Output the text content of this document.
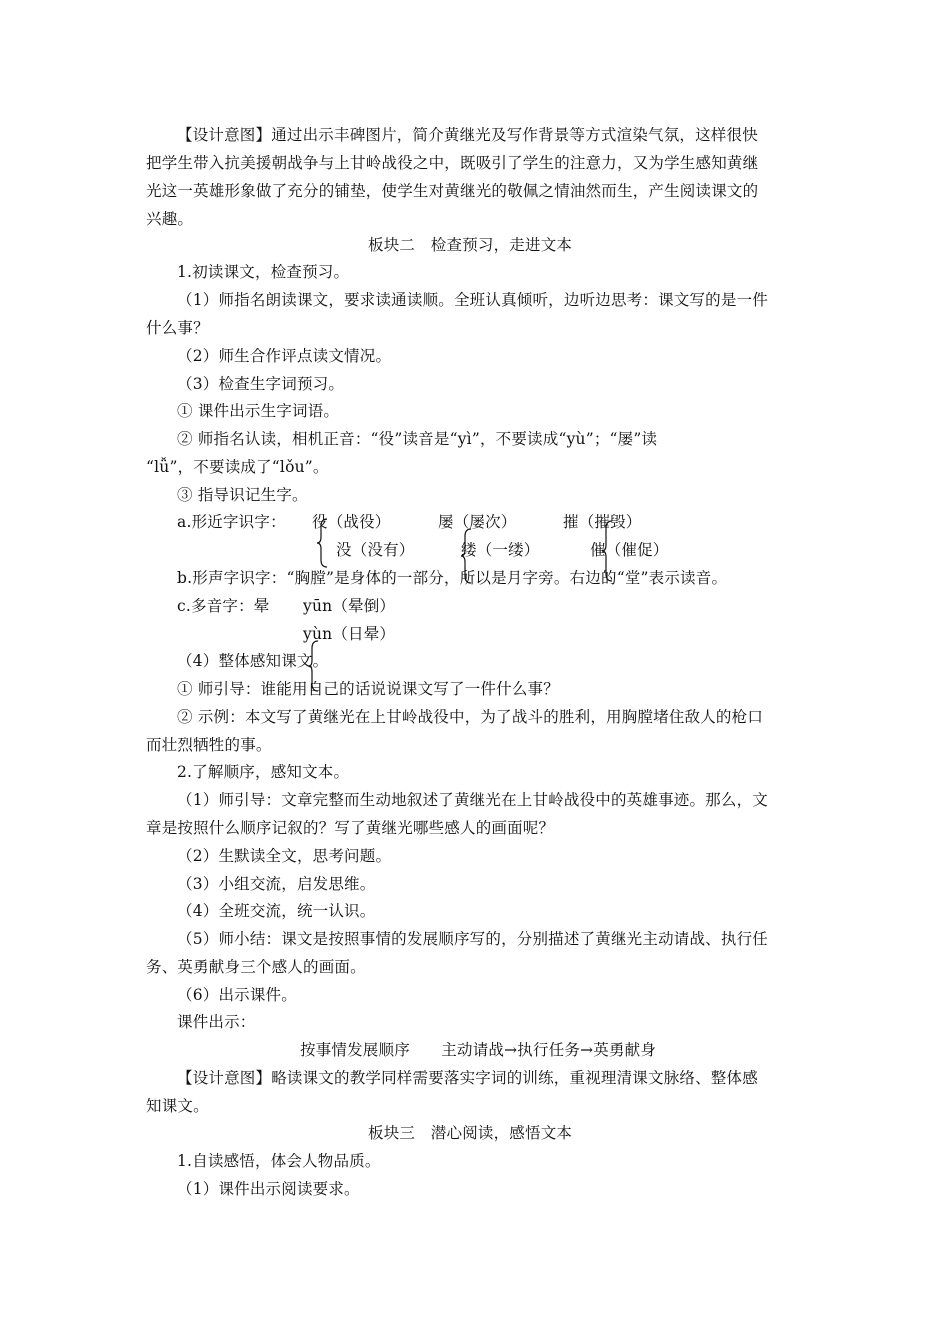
【设计意图】通过出示丰碑图片，简介黄继光及写作背景等方式渲染气氛，这样很快
把学生带入抗美援朝战争与上甘岭战役之中，既吸引了学生的注意力，又为学生感知黄继
光这一英雄形象做了充分的铺垫，使学生对黄继光的敬佩之情油然而生，产生阅读课文的
兴趣。
板块二　检查预习，走进文本
1.初读课文，检查预习。
（1）师指名朗读课文，要求读通读顺。全班认真倾听，边听边思考：课文写的是一件
什么事？
（2）师生合作评点读文情况。
（3）检查生字词预习。
① 课件出示生字词语。
② 师指名认读，相机正音：“役”读音是“yì”，不要读成“yù”；“屡”读
“lǚ”，不要读成了“lǒu”。
③ 指导识记生字。
a.形近字识字： 役（战役）	屡（屡次）	摧（摧毁）
没（没有）	缕（一缕）	催（催促）
b.形声字识字：“胸膛”是身体的一部分，所以是月字旁。右边的“堂”表示读音。
c.多音字：晕 yūn（晕倒）
yùn（日晕）
（4）整体感知课文。
① 师引导：谁能用自己的话说说课文写了一件什么事？
② 示例：本文写了黄继光在上甘岭战役中，为了战斗的胜利，用胸膛堵住敌人的枪口
而壮烈牺牲的事。
2.了解顺序，感知文本。
（1）师引导：文章完整而生动地叙述了黄继光在上甘岭战役中的英雄事迹。那么，文
章是按照什么顺序记叙的？写了黄继光哪些感人的画面呢？
（2）生默读全文，思考问题。
（3）小组交流，启发思维。
（4）全班交流，统一认识。
（5）师小结：课文是按照事情的发展顺序写的，分别描述了黄继光主动请战、执行任
务、英勇献身三个感人的画面。
（6）出示课件。
课件出示：
按事情发展顺序　　主动请战→执行任务→英勇献身
【设计意图】略读课文的教学同样需要落实字词的训练，重视理清课文脉络、整体感
知课文。
板块三　潜心阅读，感悟文本
1.自读感悟，体会人物品质。
（1）课件出示阅读要求。
